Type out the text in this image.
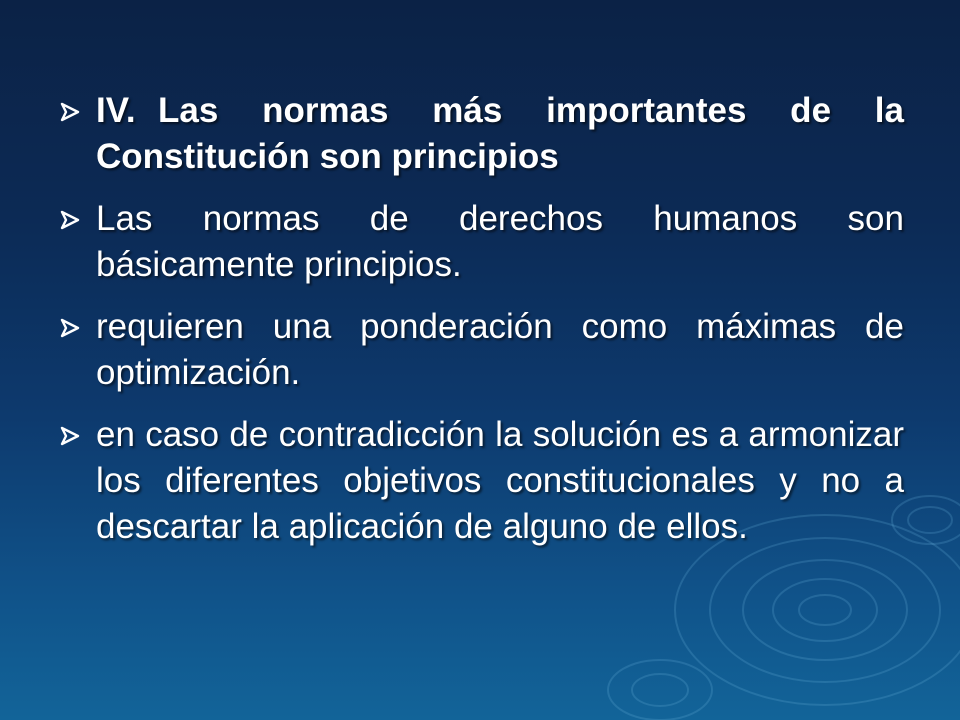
IV. Las normas más importantes de la Constitución son principios
Las normas de derechos humanos son básicamente principios.
requieren una ponderación como máximas de optimización.
en caso de contradicción la solución es a armonizar los diferentes objetivos constitucionales y no a descartar la aplicación de alguno de ellos.
